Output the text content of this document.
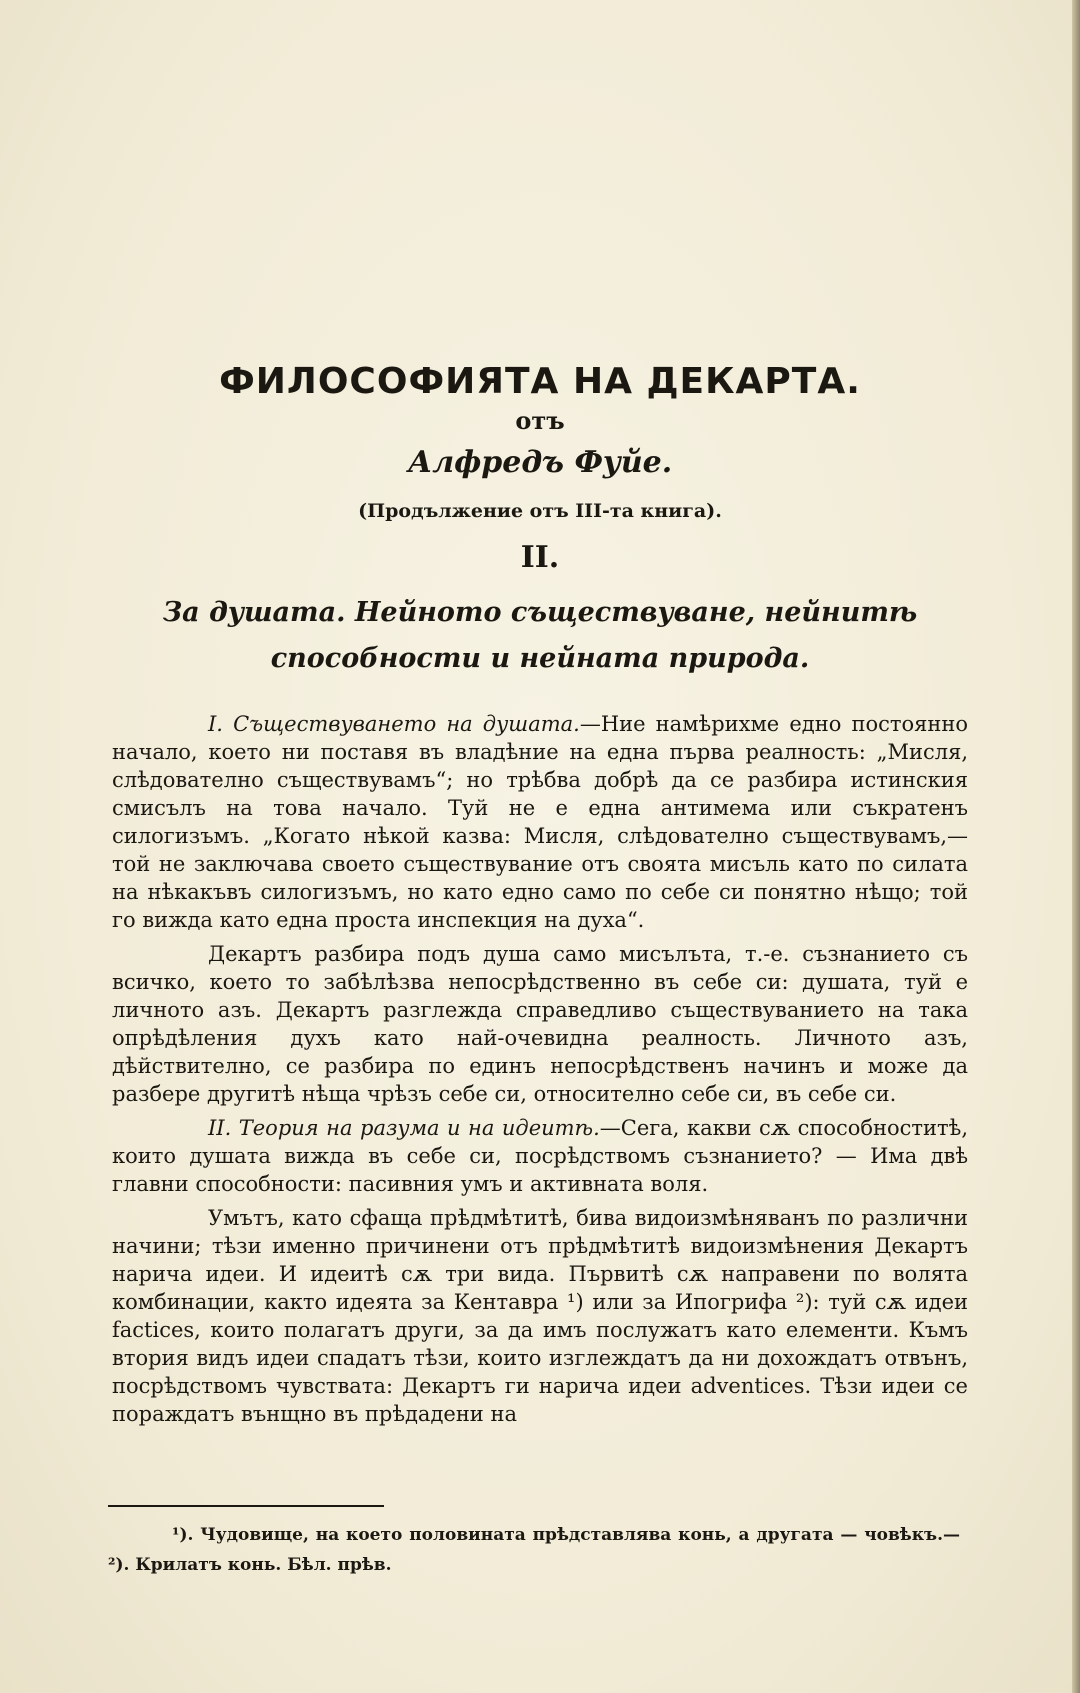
ФИЛОСОФИЯТА НА ДЕКАРТА.
отъ
Алфредъ Фуйе.
(Продължение отъ III-та книга).
II.
За душата. Нейното съществуване, нейнитѣ способности и нейната природа.

I. Съществуването на душата.—Ние намѣрихме едно постоянно начало, което ни поставя въ владѣние на една първа реалность: „Мисля, слѣдователно съществувамъ“; но трѣбва добрѣ да се разбира истинския смисълъ на това начало. Туй не е една антимема или съкратенъ силогизъмъ. „Когато нѣкой казва: Мисля, слѣдователно съществувамъ,—той не заключава своето съществувание отъ своята мисъль като по силата на нѣкакъвъ силогизъмъ, но като едно само по себе си понятно нѣщо; той го вижда като една проста инспекция на духа“.

Декартъ разбира подъ душа само мисълъта, т.-е. съзнанието съ всичко, което то забѣлѣзва непосрѣдственно въ себе си: душата, туй е личното азъ. Декартъ разглежда справедливо съществуванието на така опрѣдѣления духъ като най-очевидна реалность. Личното азъ, дѣйствително, се разбира по единъ непосрѣдственъ начинъ и може да разбере другитѣ нѣща чрѣзъ себе си, относително себе си, въ себе си.

II. Теория на разума и на идеитѣ.—Сега, какви сѫ способноститѣ, които душата вижда въ себе си, посрѣдствомъ съзнанието? — Има двѣ главни способности: пасивния умъ и активната воля.

Умътъ, като сфаща прѣдмѣтитѣ, бива видоизмѣняванъ по различни начини; тѣзи именно причинени отъ прѣдмѣтитѣ видоизмѣнения Декартъ нарича идеи. И идеитѣ сѫ три вида. Първитѣ сѫ направени по волята комбинации, както идеята за Кентавра ¹) или за Ипогрифа ²): туй сѫ идеи factices, които полагатъ други, за да имъ послужатъ като елементи. Къмъ втория видъ идеи спадатъ тѣзи, които изглеждатъ да ни дохождатъ отвънъ, посрѣдствомъ чувствата: Декартъ ги нарича идеи adventices. Тѣзи идеи се пораждатъ вънщно въ прѣдадени на

¹). Чудовище, на което половината прѣдставлява конь, а другата — човѣкъ.— ²). Крилатъ конь. Бѣл. прѣв.
